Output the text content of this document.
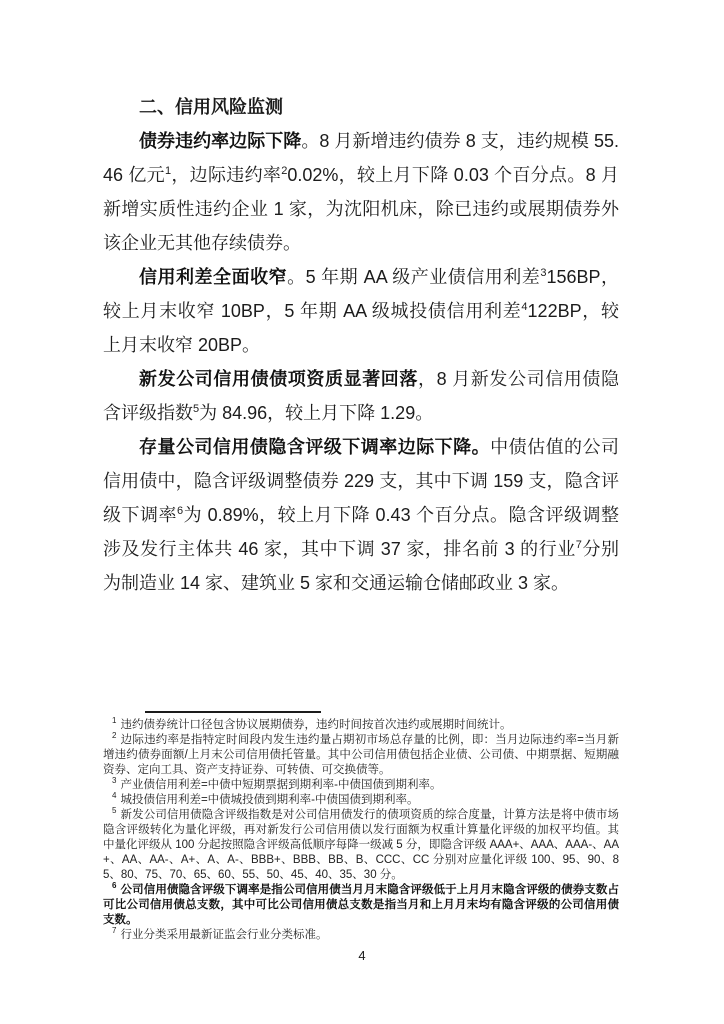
二、信用风险监测

债券违约率边际下降。8 月新增违约债券 8 支，违约规模 55.46 亿元$^1$，边际违约率$^2$0.02%，较上月下降 0.03 个百分点。8 月新增实质性违约企业 1 家，为沈阳机床，除已违约或展期债券外该企业无其他存续债券。

信用利差全面收窄。5 年期 AA 级产业债信用利差$^3$156BP，较上月末收窄 10BP，5 年期 AA 级城投债信用利差$^4$122BP，较上月末收窄 20BP。

新发公司信用债债项资质显著回落，8 月新发公司信用债隐含评级指数$^5$为 84.96，较上月下降 1.29。

存量公司信用债隐含评级下调率边际下降。中债估值的公司信用债中，隐含评级调整债券 229 支，其中下调 159 支，隐含评级下调率$^6$为 0.89%，较上月下降 0.43 个百分点。隐含评级调整涉及发行主体共 46 家，其中下调 37 家，排名前 3 的行业$^7$分别为制造业 14 家、建筑业 5 家和交通运输仓储邮政业 3 家。

$^1$ 违约债券统计口径包含协议展期债券，违约时间按首次违约或展期时间统计。

$^2$ 边际违约率是指特定时间段内发生违约量占期初市场总存量的比例，即：当月边际违约率=当月新增违约债券面额/上月末公司信用债托管量。其中公司信用债包括企业债、公司债、中期票据、短期融资券、定向工具、资产支持证券、可转债、可交换债等。

$^3$ 产业债信用利差=中债中短期票据到期利率-中债国债到期利率。

$^4$ 城投债信用利差=中债城投债到期利率-中债国债到期利率。

$^5$ 新发公司信用债隐含评级指数是对公司信用债发行的债项资质的综合度量，计算方法是将中债市场隐含评级转化为量化评级，再对新发行公司信用债以发行面额为权重计算量化评级的加权平均值。其中量化评级从 100 分起按照隐含评级高低顺序每降一级减 5 分，即隐含评级 AAA+、AAA、AAA-、AA+、AA、AA-、A+、A、A-、BBB+、BBB、BB、B、CCC、CC 分别对应量化评级 100、95、90、85、80、75、70、65、60、55、50、45、40、35、30 分。

$^6$ 公司信用债隐含评级下调率是指公司信用债当月月末隐含评级低于上月月末隐含评级的债券支数占可比公司信用债总支数，其中可比公司信用债总支数是指当月和上月月末均有隐含评级的公司信用债支数。

$^7$ 行业分类采用最新证监会行业分类标准。

4
